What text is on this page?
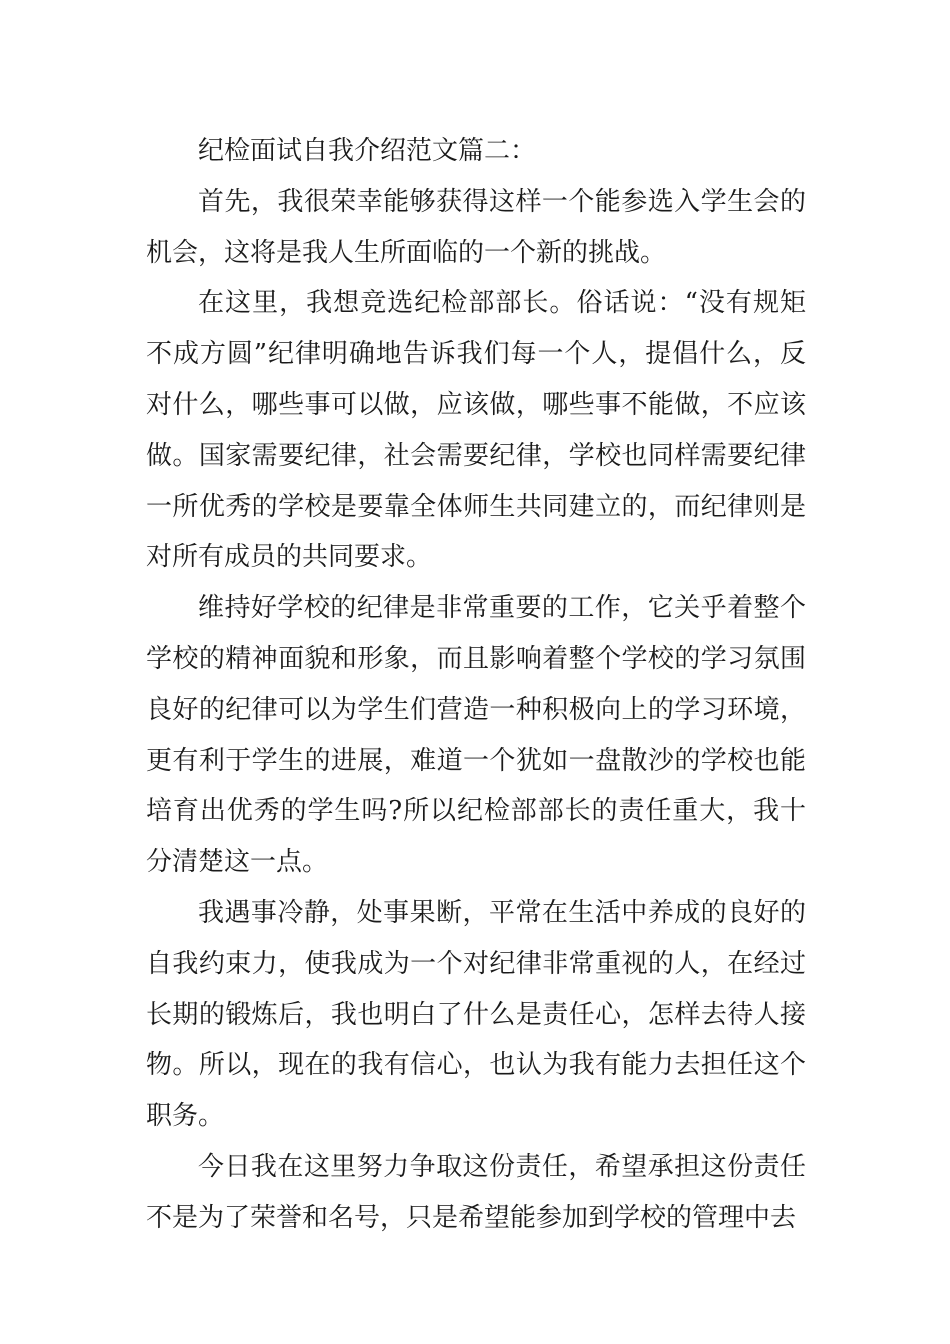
纪检面试自我介绍范文篇二：

首先，我很荣幸能够获得这样一个能参选入学生会的机会，这将是我人生所面临的一个新的挑战。

在这里，我想竞选纪检部部长。俗话说：“没有规矩不成方圆”纪律明确地告诉我们每一个人，提倡什么，反对什么，哪些事可以做，应该做，哪些事不能做，不应该做。国家需要纪律，社会需要纪律，学校也同样需要纪律一所优秀的学校是要靠全体师生共同建立的，而纪律则是对所有成员的共同要求。

维持好学校的纪律是非常重要的工作，它关乎着整个学校的精神面貌和形象，而且影响着整个学校的学习氛围良好的纪律可以为学生们营造一种积极向上的学习环境，更有利于学生的进展，难道一个犹如一盘散沙的学校也能培育出优秀的学生吗?所以纪检部部长的责任重大，我十分清楚这一点。

我遇事冷静，处事果断，平常在生活中养成的良好的自我约束力，使我成为一个对纪律非常重视的人，在经过长期的锻炼后，我也明白了什么是责任心，怎样去待人接物。所以，现在的我有信心，也认为我有能力去担任这个职务。

今日我在这里努力争取这份责任，希望承担这份责任不是为了荣誉和名号，只是希望能参加到学校的管理中去
